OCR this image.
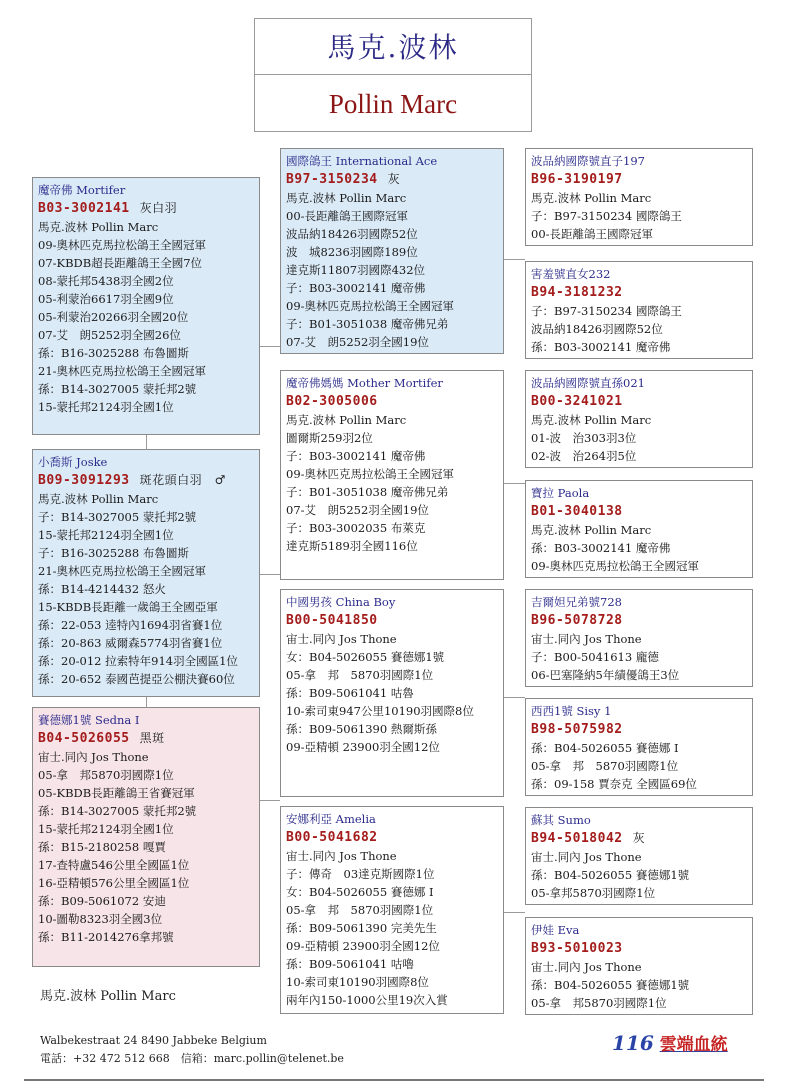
馬克.波林
Pollin Marc
魔帝佛 Mortifer
B03-3002141 灰白羽
馬克.波林 Pollin Marc
09-奧林匹克馬拉松鴿王全國冠軍
07-KBDB超長距離鴿王全國7位
08-蒙托邦5438羽全國2位
05-利蒙治6617羽全國9位
05-利蒙治20266羽全國20位
07-艾　朗5252羽全國26位
孫：B16-3025288 布魯圖斯
21-奧林匹克馬拉松鴿王全國冠軍
孫：B14-3027005 蒙托邦2號
15-蒙托邦2124羽全國1位
小喬斯 Joske
B09-3091293 斑花頭白羽　♂
馬克.波林 Pollin Marc
子：B14-3027005 蒙托邦2號
15-蒙托邦2124羽全國1位
子：B16-3025288 布魯圖斯
21-奧林匹克馬拉松鴿王全國冠軍
孫：B14-4214432 怒火
15-KBDB長距離一歲鴿王全國亞軍
孫：22-053 逵特內1694羽省賽1位
孫：20-863 威爾森5774羽省賽1位
孫：20-012 拉索特年914羽全國區1位
孫：20-652 泰國芭提亞公棚決賽60位
賽德娜1號 Sedna I
B04-5026055 黑斑
宙士.同內 Jos Thone
05-拿　邦5870羽國際1位
05-KBDB長距離鴿王省賽冠軍
孫：B14-3027005 蒙托邦2號
15-蒙托邦2124羽全國1位
孫：B15-2180258 嘎賈
17-查特盧546公里全國區1位
16-亞精頓576公里全國區1位
孫：B09-5061072 安迪
10-圖勒8323羽全國3位
孫：B11-2014276拿邦號
國際鴿王 International Ace
B97-3150234 灰
馬克.波林 Pollin Marc
00-長距離鴿王國際冠軍
波品納18426羽國際52位
波　城8236羽國際189位
達克斯11807羽國際432位
子：B03-3002141 魔帝佛
09-奧林匹克馬拉松鴿王全國冠軍
子：B01-3051038 魔帝佛兄弟
07-艾　朗5252羽全國19位
魔帝佛媽媽 Mother Mortifer
B02-3005006
馬克.波林 Pollin Marc
圖爾斯259羽2位
子：B03-3002141 魔帝佛
09-奧林匹克馬拉松鴿王全國冠軍
子：B01-3051038 魔帝佛兄弟
07-艾　朗5252羽全國19位
子：B03-3002035 布萊克
達克斯5189羽全國116位
中國男孩 China Boy
B00-5041850
宙士.同內 Jos Thone
女：B04-5026055 賽德娜1號
05-拿　邦　5870羽國際1位
孫：B09-5061041 咕魯
10-索司東947公里10190羽國際8位
孫：B09-5061390 熱爾斯孫
09-亞精頓 23900羽全國12位
安娜利亞 Amelia
B00-5041682
宙士.同內 Jos Thone
子：傳奇　03達克斯國際1位
女：B04-5026055 賽德娜 I
05-拿　邦　5870羽國際1位
孫：B09-5061390 完美先生
09-亞精頓 23900羽全國12位
孫：B09-5061041 咕嚕
10-索司東10190羽國際8位
兩年內150-1000公里19次入賞
波品納國際號直子197
B96-3190197
馬克.波林 Pollin Marc
子：B97-3150234 國際鴿王
00-長距離鴿王國際冠軍
害羞號直女232
B94-3181232
子：B97-3150234 國際鴿王
波品納18426羽國際52位
孫：B03-3002141 魔帝佛
波品納國際號直孫021
B00-3241021
馬克.波林 Pollin Marc
01-波　治303羽3位
02-波　治264羽5位
寶拉 Paola
B01-3040138
馬克.波林 Pollin Marc
孫：B03-3002141 魔帝佛
09-奧林匹克馬拉松鴿王全國冠軍
吉爾妲兄弟號728
B96-5078728
宙士.同內 Jos Thone
子：B00-5041613 龐德
06-巴塞隆納5年績優鴿王3位
西西1號 Sisy 1
B98-5075982
孫：B04-5026055 賽德娜 I
05-拿　邦　5870羽國際1位
孫：09-158 賈奈克 全國區69位
蘇其 Sumo
B94-5018042 灰
宙士.同內 Jos Thone
孫：B04-5026055 賽德娜1號
05-拿邦5870羽國際1位
伊娃 Eva
B93-5010023
宙士.同內 Jos Thone
孫：B04-5026055 賽德娜1號
05-拿　邦5870羽國際1位
馬克.波林 Pollin Marc
Walbekestraat 24 8490 Jabbeke Belgium
電話：+32 472 512 668　信箱：marc.pollin@telenet.be
116 雲端血統
